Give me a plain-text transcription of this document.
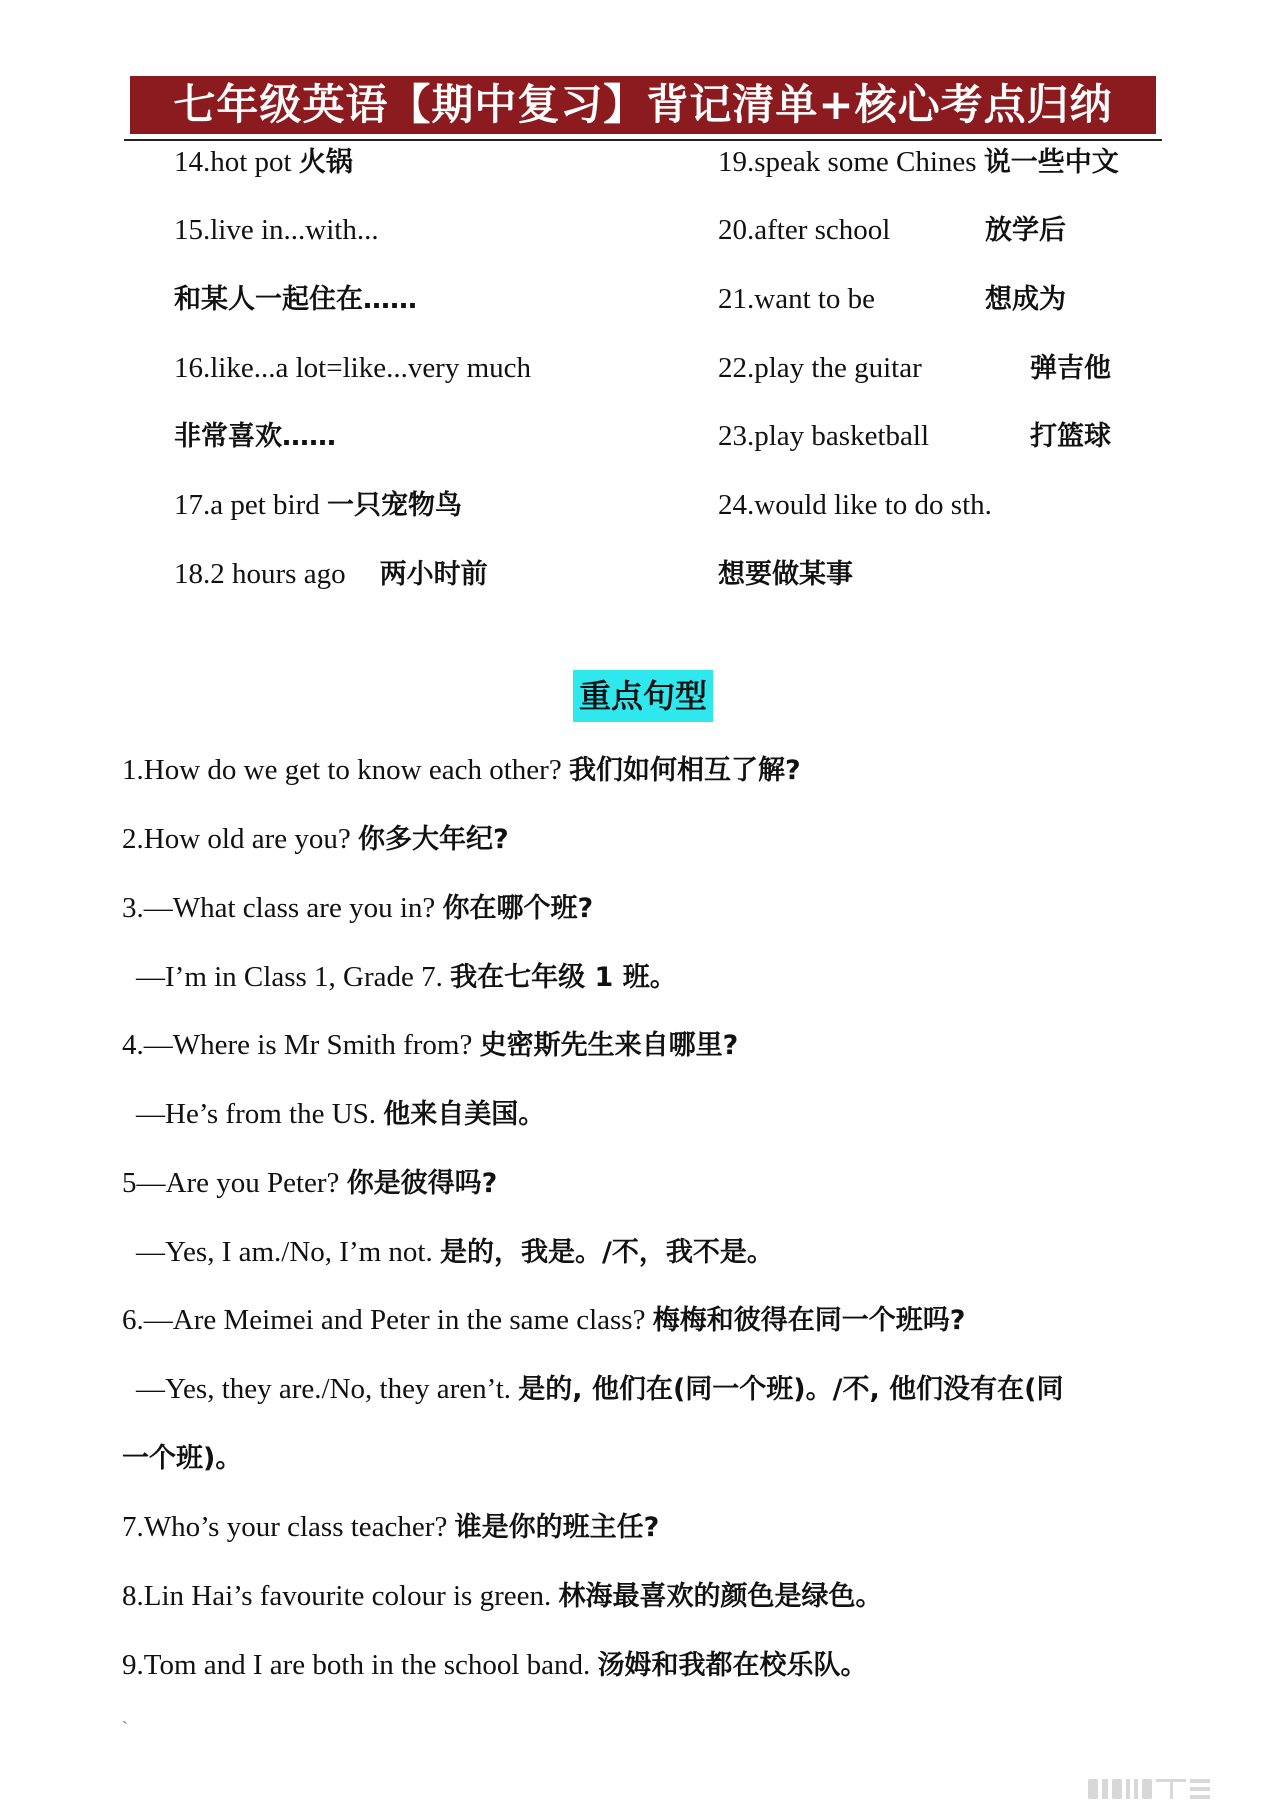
七年级英语【期中复习】背记清单+核心考点归纳
14.hot pot 火锅
15.live in...with...
和某人一起住在……
16.like...a lot=like...very much
非常喜欢……
17.a pet bird 一只宠物鸟
18.2 hours ago 两小时前
19.speak some Chines 说一些中文
20.after school	放学后
21.want to be	想成为
22.play the guitar	弹吉他
23.play basketball	打篮球
24.would like to do sth.
想要做某事
重点句型
1.How do we get to know each other? 我们如何相互了解?
2.How old are you? 你多大年纪?
3.—What class are you in? 你在哪个班?
—I’m in Class 1, Grade 7. 我在七年级 1 班。
4.—Where is Mr Smith from? 史密斯先生来自哪里?
—He’s from the US. 他来自美国。
5—Are you Peter? 你是彼得吗?
—Yes, I am./No, I’m not. 是的，我是。/不，我不是。
6.—Are Meimei and Peter in the same class? 梅梅和彼得在同一个班吗?
—Yes, they are./No, they aren’t. 是的, 他们在(同一个班)。/不, 他们没有在(同
一个班)。
7.Who’s your class teacher? 谁是你的班主任?
8.Lin Hai’s favourite colour is green. 林海最喜欢的颜色是绿色。
9.Tom and I are both in the school band. 汤姆和我都在校乐队。
`
